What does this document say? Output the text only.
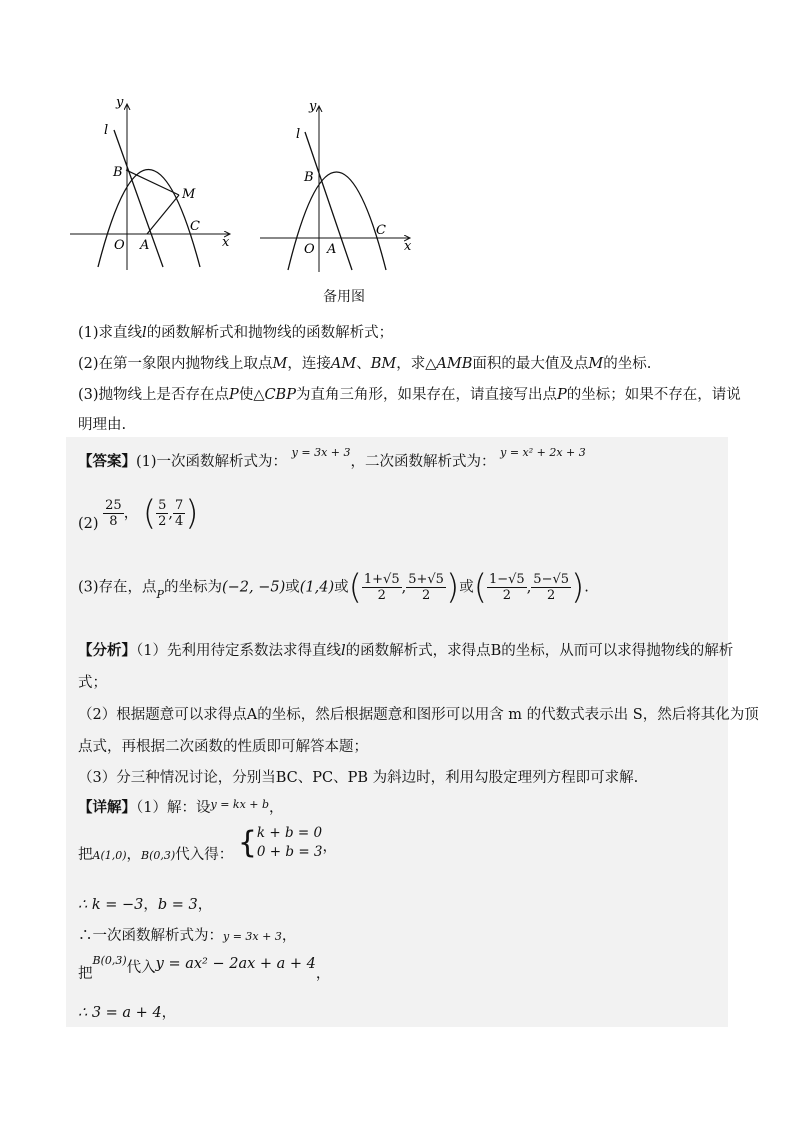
y
x
l
B
M
C
O A
y
x
l
B
C
O A
备用图
(1)求直线l的函数解析式和抛物线的函数解析式；
(2)在第一象限内抛物线上取点M，连接AM、BM，求△AMB面积的最大值及点M的坐标.
(3)抛物线上是否存在点P使△CBP为直角三角形，如果存在，请直接写出点P的坐标；如果不存在，请说
明理由.
【答案】(1)一次函数解析式为： $^{y = 3x + 3}$，二次函数解析式为： $^{y = x^2 + 2x + 3}$
$(2) \frac{25}{8}$ ， ( $\frac{5}{2}$ , $\frac{7}{4}$ )
(3)存在，点$_P$的坐标为(−2, −5)或(1,4)或( $\frac{1+√5}{2}$ , $\frac{5+√5}{2}$ )或( $\frac{1-√5}{2}$ , $\frac{5-√5}{2}$ ).
【分析】（1）先利用待定系数法求得直线l的函数解析式，求得点B的坐标，从而可以求得抛物线的解析
式；
（2）根据题意可以求得点A的坐标，然后根据题意和图形可以用含 m 的代数式表示出 S，然后将其化为顶
点式，再根据二次函数的性质即可解答本题；
（3）分三种情况讨论，分别当BC、PC、PB 为斜边时，利用勾股定理列方程即可求解.
【详解】（1）解：设$^{y = kx + b}$，
把$_{A(1,0)}$，$_{B(0,3)}$代入得： { k + b = 0
0 + b = 3 ，
∴ k = −3，b = 3，
∴一次函数解析式为：y = 3x + 3，
把B(0,3)代入y = ax² − 2ax + a + 4，
∴ 3 = a + 4，
